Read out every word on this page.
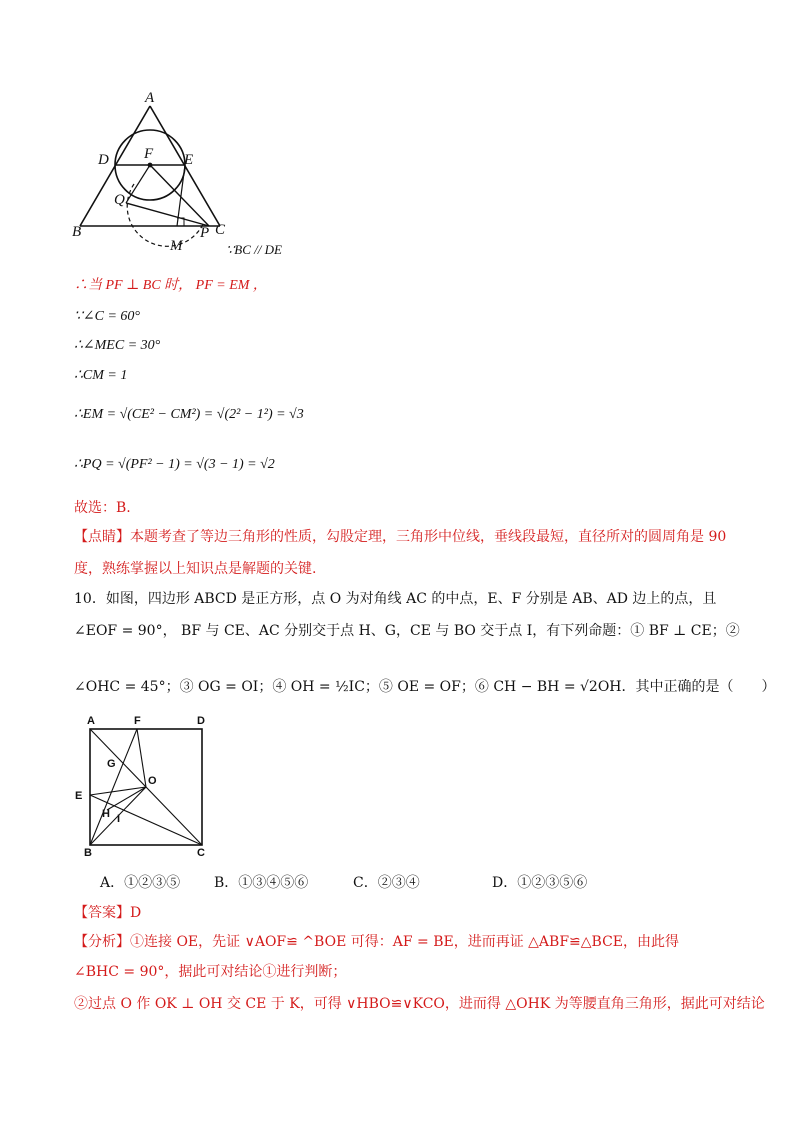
A
D F E
Q
B
M
P C
∵BC // DE
∴当 PF ⊥ BC 时， PF = EM ，
∵∠C = 60°
∴∠MEC = 30°
∴CM = 1
∴EM = √(CE² − CM²) = √(2² − 1²) = √3
∴PQ = √(PF² − 1) = √(3 − 1) = √2
故选：B.
【点睛】本题考查了等边三角形的性质，勾股定理，三角形中位线，垂线段最短，直径所对的圆周角是 90
度，熟练掌握以上知识点是解题的关键.
10．如图，四边形 ABCD 是正方形，点 O 为对角线 AC 的中点，E、F 分别是 AB、AD 边上的点，且
∠EOF = 90°， BF 与 CE、AC 分别交于点 H、G，CE 与 BO 交于点 I，有下列命题：① BF ⊥ CE；②
∠OHC = 45°；③ OG = OI；④ OH = ½IC；⑤ OE = OF；⑥ CH − BH = √2OH．其中正确的是（　　）
A	F	D
G
O
E
H I
B	C
A．①②③⑤ B．①③④⑤⑥	C．②③④	D．①②③⑤⑥
【答案】D
【分析】①连接 OE，先证 ∨AOF≌ ^BOE 可得：AF = BE，进而再证 △ABF≌△BCE，由此得
∠BHC = 90°，据此可对结论①进行判断；
②过点 O 作 OK ⊥ OH 交 CE 于 K，可得 ∨HBO≌∨KCO，进而得 △OHK 为等腰直角三角形，据此可对结论
